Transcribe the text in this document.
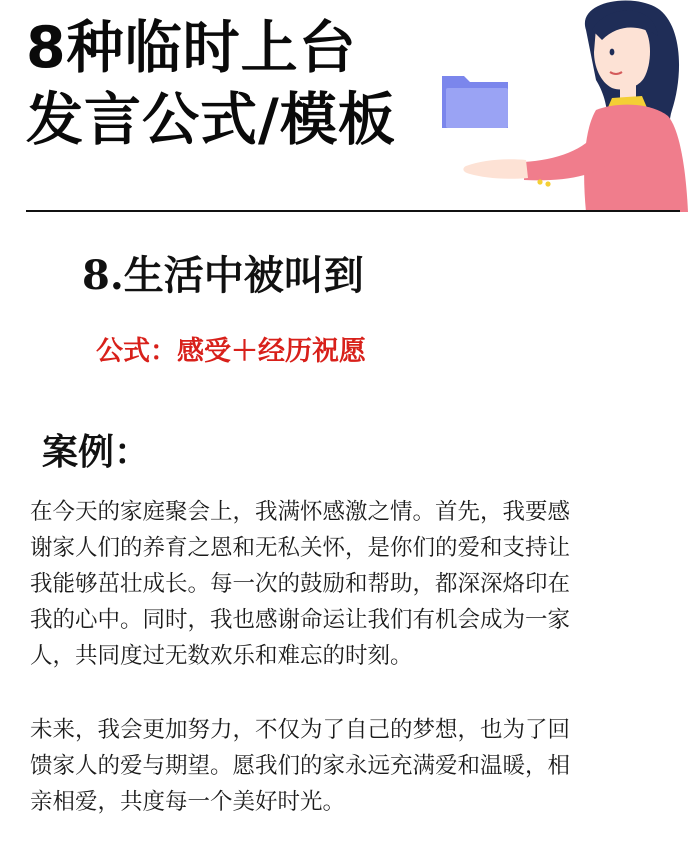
8种临时上台
发言公式/模板
8.生活中被叫到
公式：感受＋经历祝愿
案例：
在今天的家庭聚会上，我满怀感激之情。首先，我要感
谢家人们的养育之恩和无私关怀，是你们的爱和支持让
我能够茁壮成长。每一次的鼓励和帮助，都深深烙印在
我的心中。同时，我也感谢命运让我们有机会成为一家
人，共同度过无数欢乐和难忘的时刻。
未来，我会更加努力，不仅为了自己的梦想，也为了回
馈家人的爱与期望。愿我们的家永远充满爱和温暖，相
亲相爱，共度每一个美好时光。
